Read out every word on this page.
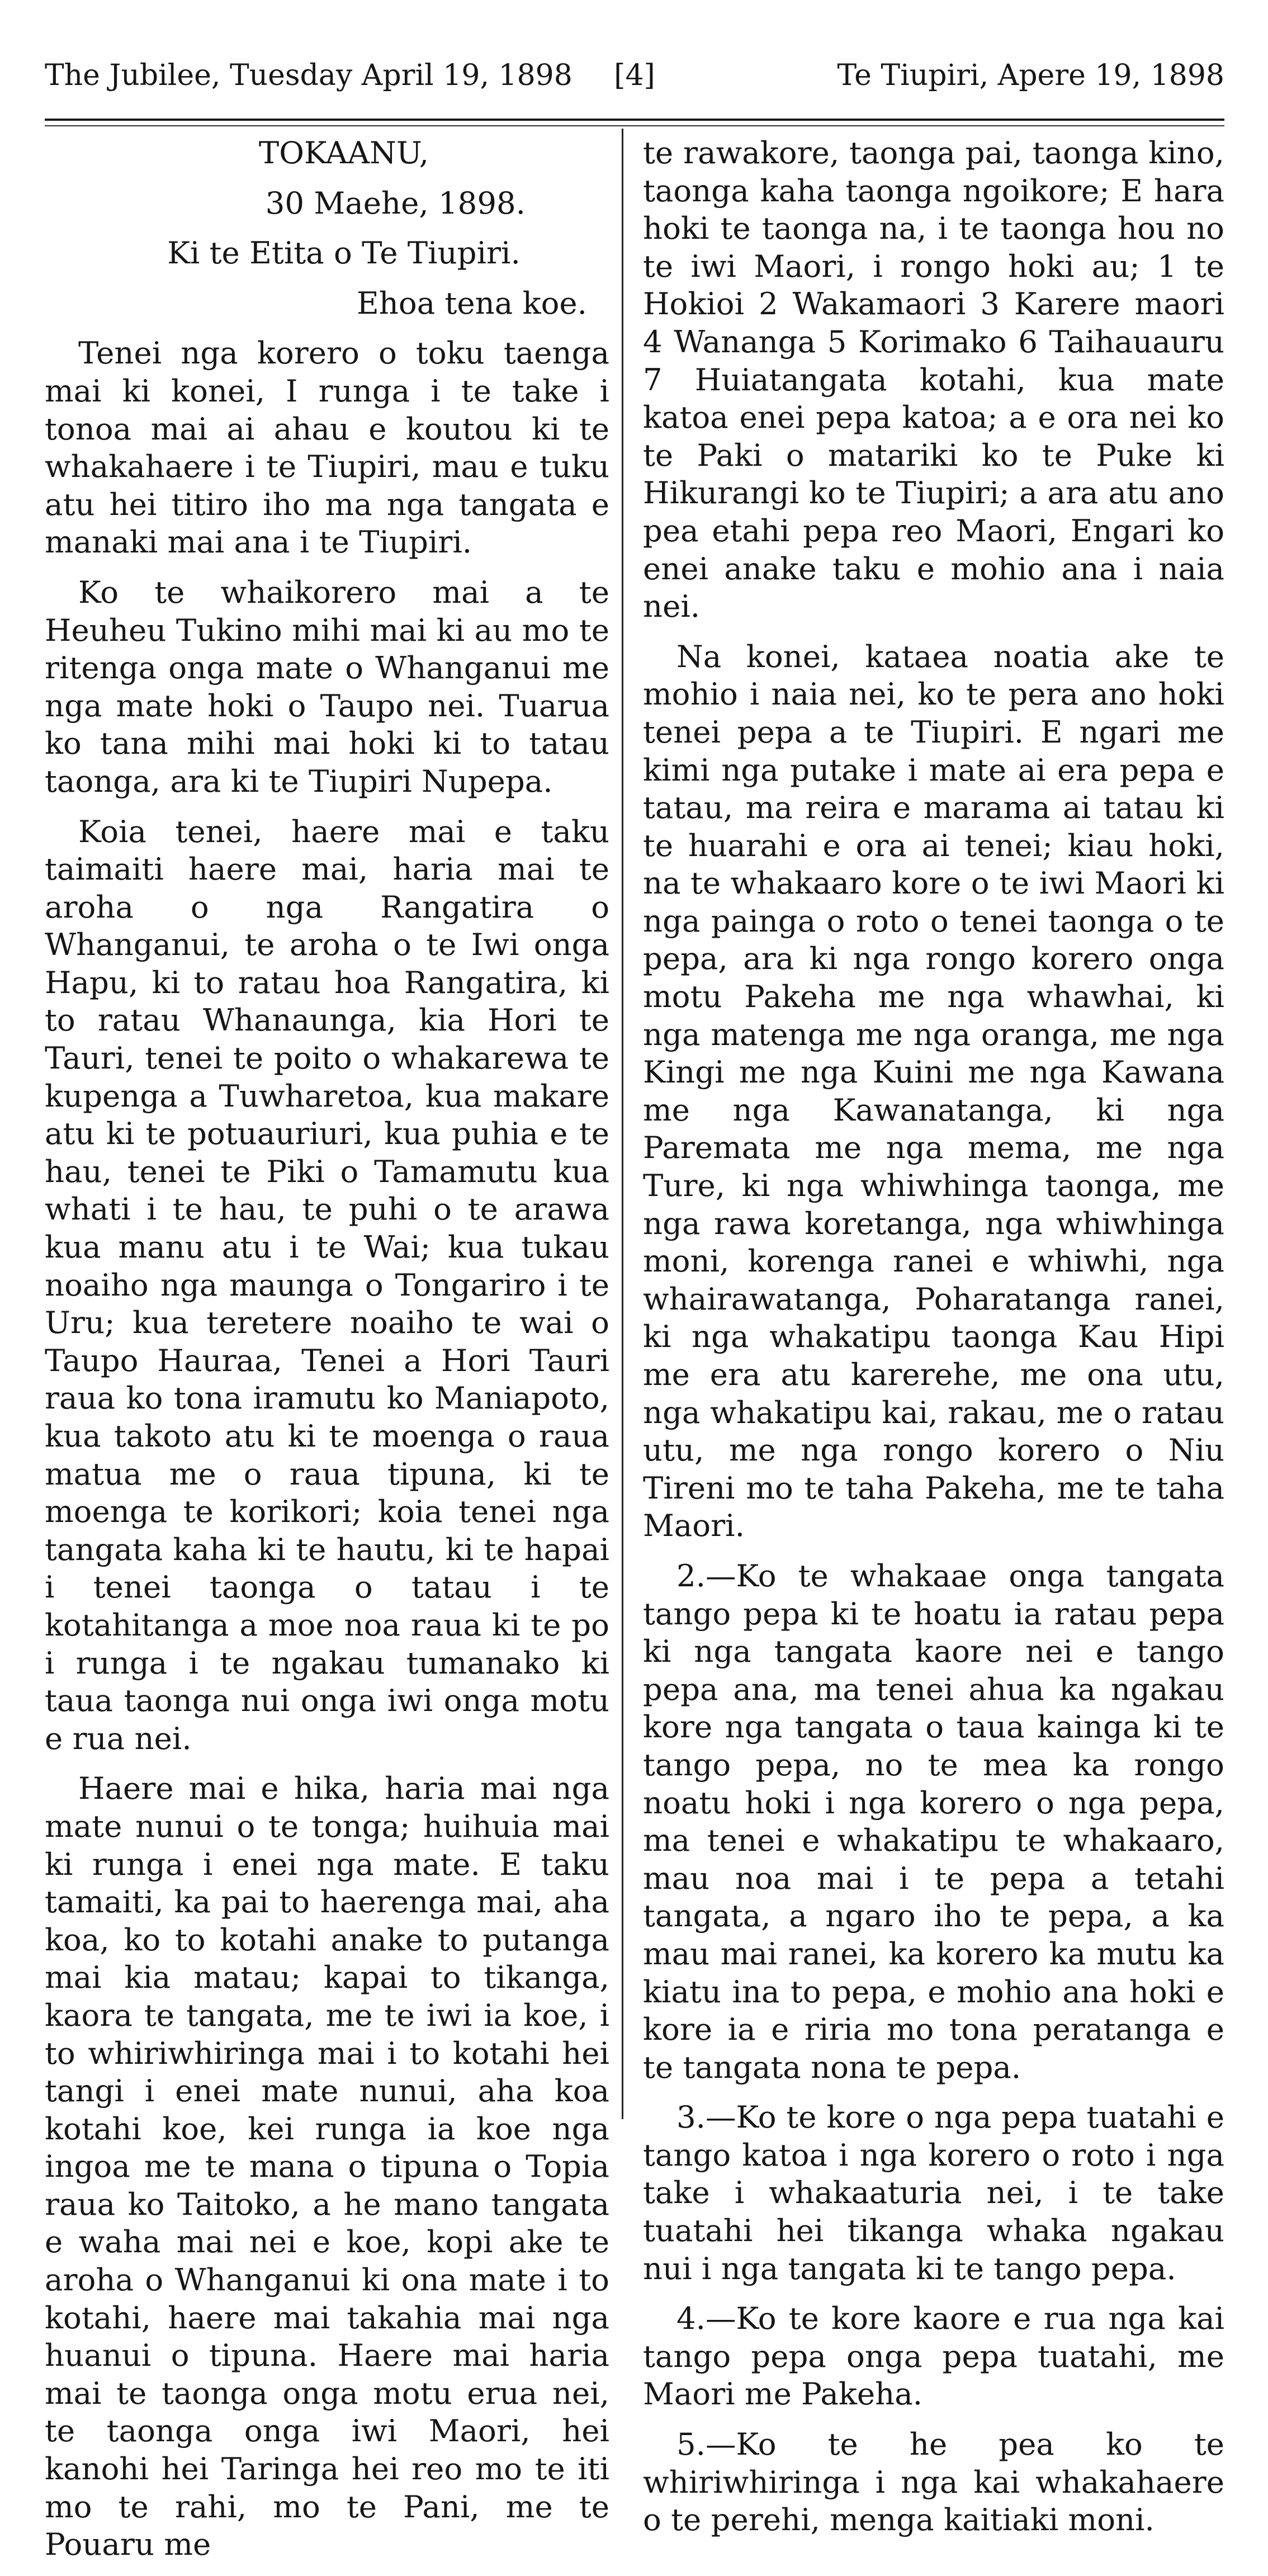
The Jubilee, Tuesday April 19, 1898	[4]	Te Tiupiri, Apere 19, 1898

TOKAANU,

30 Maehe, 1898.

Ki te Etita o Te Tiupiri.

Ehoa tena koe.

Tenei nga korero o toku taenga mai ki konei, I runga i te take i tonoa mai ai ahau e koutou ki te whakahaere i te Tiupiri, mau e tuku atu hei titiro iho ma nga tangata e manaki mai ana i te Tiupiri.

Ko te whaikorero mai a te Heuheu Tukino mihi mai ki au mo te ritenga onga mate o Whanganui me nga mate hoki o Taupo nei. Tuarua ko tana mihi mai hoki ki to tatau taonga, ara ki te Tiupiri Nupepa.

Koia tenei, haere mai e taku taimaiti haere mai, haria mai te aroha o nga Rangatira o Whanganui, te aroha o te Iwi onga Hapu, ki to ratau hoa Rangatira, ki to ratau Whanaunga, kia Hori te Tauri, tenei te poito o whakarewa te kupenga a Tuwharetoa, kua makare atu ki te potuauriuri, kua puhia e te hau, tenei te Piki o Tamamutu kua whati i te hau, te puhi o te arawa kua manu atu i te Wai; kua tukau noaiho nga maunga o Tongariro i te Uru; kua teretere noaiho te wai o Taupo Hauraa, Tenei a Hori Tauri raua ko tona iramutu ko Maniapoto, kua takoto atu ki te moenga o raua matua me o raua tipuna, ki te moenga te korikori; koia tenei nga tangata kaha ki te hautu, ki te hapai i tenei taonga o tatau i te kotahitanga a moe noa raua ki te po i runga i te ngakau tumanako ki taua taonga nui onga iwi onga motu e rua nei.

Haere mai e hika, haria mai nga mate nunui o te tonga; huihuia mai ki runga i enei nga mate. E taku tamaiti, ka pai to haerenga mai, aha koa, ko to kotahi anake to putanga mai kia matau; kapai to tikanga, kaora te tangata, me te iwi ia koe, i to whiriwhiringa mai i to kotahi hei tangi i enei mate nunui, aha koa kotahi koe, kei runga ia koe nga ingoa me te mana o tipuna o Topia raua ko Taitoko, a he mano tangata e waha mai nei e koe, kopi ake te aroha o Whanganui ki ona mate i to kotahi, haere mai takahia mai nga huanui o tipuna. Haere mai haria mai te taonga onga motu erua nei, te taonga onga iwi Maori, hei kanohi hei Taringa hei reo mo te iti mo te rahi, mo te Pani, me te Pouaru me

te rawakore, taonga pai, taonga kino, taonga kaha taonga ngoikore; E hara hoki te taonga na, i te taonga hou no te iwi Maori, i rongo hoki au; 1 te Hokioi 2 Wakamaori 3 Karere maori 4 Wananga 5 Korimako 6 Taihauauru 7 Huiatangata kotahi, kua mate katoa enei pepa katoa; a e ora nei ko te Paki o matariki ko te Puke ki Hikurangi ko te Tiupiri; a ara atu ano pea etahi pepa reo Maori, Engari ko enei anake taku e mohio ana i naia nei.

Na konei, kataea noatia ake te mohio i naia nei, ko te pera ano hoki tenei pepa a te Tiupiri. E ngari me kimi nga putake i mate ai era pepa e tatau, ma reira e marama ai tatau ki te huarahi e ora ai tenei; kiau hoki, na te whakaaro kore o te iwi Maori ki nga painga o roto o tenei taonga o te pepa, ara ki nga rongo korero onga motu Pakeha me nga whawhai, ki nga matenga me nga oranga, me nga Kingi me nga Kuini me nga Kawana me nga Kawanatanga, ki nga Paremata me nga mema, me nga Ture, ki nga whiwhinga taonga, me nga rawa koretanga, nga whiwhinga moni, korenga ranei e whiwhi, nga whairawatanga, Poharatanga ranei, ki nga whakatipu taonga Kau Hipi me era atu karerehe, me ona utu, nga whakatipu kai, rakau, me o ratau utu, me nga rongo korero o Niu Tireni mo te taha Pakeha, me te taha Maori.

2.—Ko te whakaae onga tangata tango pepa ki te hoatu ia ratau pepa ki nga tangata kaore nei e tango pepa ana, ma tenei ahua ka ngakau kore nga tangata o taua kainga ki te tango pepa, no te mea ka rongo noatu hoki i nga korero o nga pepa, ma tenei e whakatipu te whakaaro, mau noa mai i te pepa a tetahi tangata, a ngaro iho te pepa, a ka mau mai ranei, ka korero ka mutu ka kiatu ina to pepa, e mohio ana hoki e kore ia e riria mo tona peratanga e te tangata nona te pepa.

3.—Ko te kore o nga pepa tuatahi e tango katoa i nga korero o roto i nga take i whakaaturia nei, i te take tuatahi hei tikanga whaka ngakau nui i nga tangata ki te tango pepa.

4.—Ko te kore kaore e rua nga kai tango pepa onga pepa tuatahi, me Maori me Pakeha.

5.—Ko te he pea ko te whiriwhiringa i nga kai whakahaere o te perehi, menga kaitiaki moni.
